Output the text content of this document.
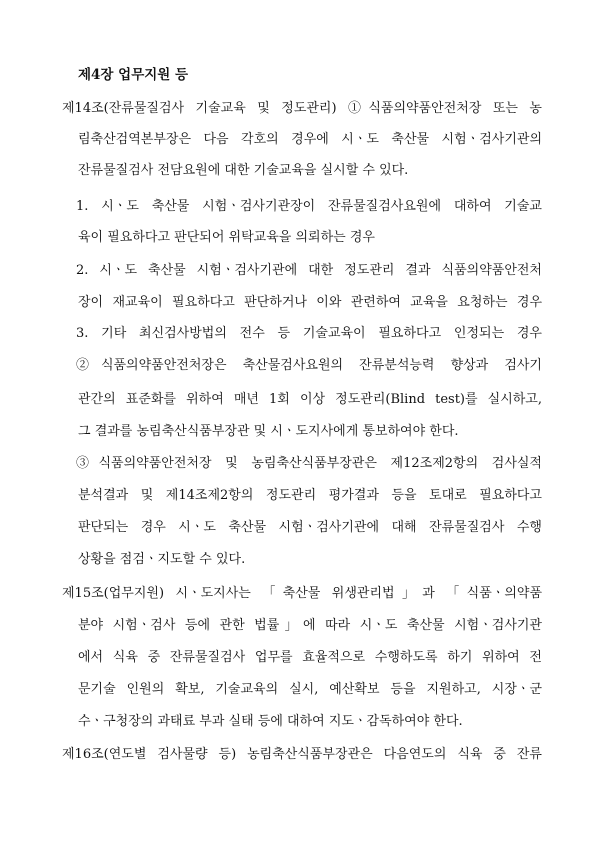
제4장 업무지원 등
제14조(잔류물질검사 기술교육 및 정도관리) ①식품의약품안전처장 또는 농
림축산검역본부장은 다음 각호의 경우에 시ㆍ도 축산물 시험ㆍ검사기관의
잔류물질검사 전담요원에 대한 기술교육을 실시할 수 있다.
1. 시ㆍ도 축산물 시험ㆍ검사기관장이 잔류물질검사요원에 대하여 기술교
육이 필요하다고 판단되어 위탁교육을 의뢰하는 경우
2. 시ㆍ도 축산물 시험ㆍ검사기관에 대한 정도관리 결과 식품의약품안전처
장이 재교육이 필요하다고 판단하거나 이와 관련하여 교육을 요청하는 경우
3. 기타 최신검사방법의 전수 등 기술교육이 필요하다고 인정되는 경우
②식품의약품안전처장은 축산물검사요원의 잔류분석능력 향상과 검사기
관간의 표준화를 위하여 매년 1회 이상 정도관리(Blind test)를 실시하고,
그 결과를 농림축산식품부장관 및 시ㆍ도지사에게 통보하여야 한다.
③식품의약품안전처장 및 농림축산식품부장관은 제12조제2항의 검사실적
분석결과 및 제14조제2항의 정도관리 평가결과 등을 토대로 필요하다고
판단되는 경우 시ㆍ도 축산물 시험ㆍ검사기관에 대해 잔류물질검사 수행
상황을 점검ㆍ지도할 수 있다.
제15조(업무지원) 시ㆍ도지사는 「축산물 위생관리법」과 「식품ㆍ의약품
분야 시험ㆍ검사 등에 관한 법률」에 따라 시ㆍ도 축산물 시험ㆍ검사기관
에서 식육 중 잔류물질검사 업무를 효율적으로 수행하도록 하기 위하여 전
문기술 인원의 확보, 기술교육의 실시, 예산확보 등을 지원하고, 시장ㆍ군
수ㆍ구청장의 과태료 부과 실태 등에 대하여 지도ㆍ감독하여야 한다.
제16조(연도별 검사물량 등) 농림축산식품부장관은 다음연도의 식육 중 잔류
